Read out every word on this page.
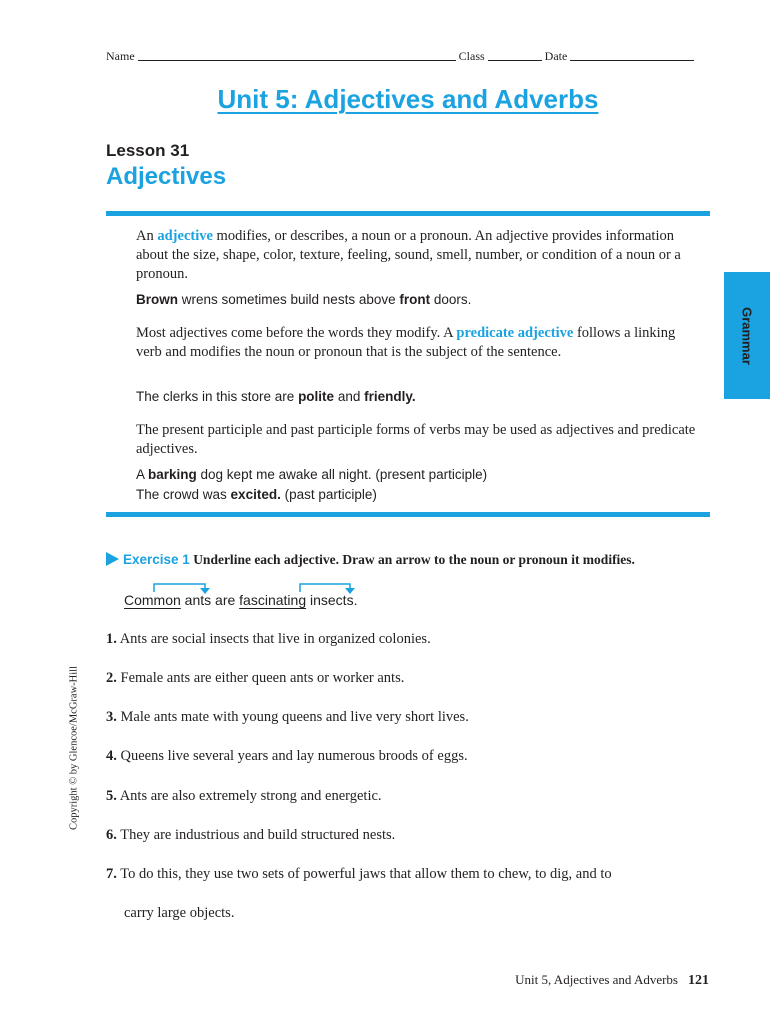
Name	Class	Date
Unit 5: Adjectives and Adverbs
Lesson 31
Adjectives
Grammar
An adjective modifies, or describes, a noun or a pronoun. An adjective provides information about the size, shape, color, texture, feeling, sound, smell, number, or condition of a noun or a pronoun.
Brown wrens sometimes build nests above front doors.
Most adjectives come before the words they modify. A predicate adjective follows a linking verb and modifies the noun or pronoun that is the subject of the sentence.
The clerks in this store are polite and friendly.
The present participle and past participle forms of verbs may be used as adjectives and predicate adjectives.
A barking dog kept me awake all night. (present participle)
The crowd was excited. (past participle)
Exercise 1 Underline each adjective. Draw an arrow to the noun or pronoun it modifies.
Common ants are fascinating insects.
1. Ants are social insects that live in organized colonies.
2. Female ants are either queen ants or worker ants.
3. Male ants mate with young queens and live very short lives.
4. Queens live several years and lay numerous broods of eggs.
5. Ants are also extremely strong and energetic.
6. They are industrious and build structured nests.
7. To do this, they use two sets of powerful jaws that allow them to chew, to dig, and to
carry large objects.
Copyright © by Glencoe/McGraw-Hill
Unit 5, Adjectives and Adverbs 121
